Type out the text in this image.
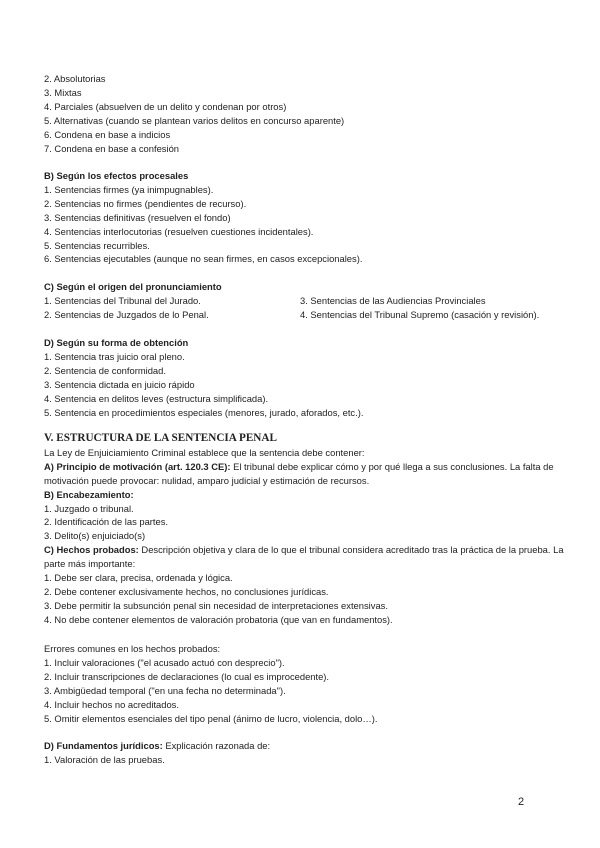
2. Absolutorias
3. Mixtas
4. Parciales (absuelven de un delito y condenan por otros)
5. Alternativas (cuando se plantean varios delitos en concurso aparente)
6. Condena en base a indicios
7. Condena en base a confesión
B) Según los efectos procesales
1. Sentencias firmes (ya inimpugnables).
2. Sentencias no firmes (pendientes de recurso).
3. Sentencias definitivas (resuelven el fondo)
4. Sentencias interlocutorias (resuelven cuestiones incidentales).
5. Sentencias recurribles.
6. Sentencias ejecutables (aunque no sean firmes, en casos excepcionales).
C) Según el origen del pronunciamiento
1. Sentencias del Tribunal del Jurado.	3. Sentencias de las Audiencias Provinciales
2. Sentencias de Juzgados de lo Penal.	4. Sentencias del Tribunal Supremo (casación y revisión).
D) Según su forma de obtención
1. Sentencia tras juicio oral pleno.
2. Sentencia de conformidad.
3. Sentencia dictada en juicio rápido
4. Sentencia en delitos leves (estructura simplificada).
5. Sentencia en procedimientos especiales (menores, jurado, aforados, etc.).
V. ESTRUCTURA DE LA SENTENCIA PENAL
La Ley de Enjuiciamiento Criminal establece que la sentencia debe contener:
A) Principio de motivación (art. 120.3 CE): El tribunal debe explicar cómo y por qué llega a sus conclusiones. La falta de motivación puede provocar: nulidad, amparo judicial y estimación de recursos.
B) Encabezamiento:
1. Juzgado o tribunal.
2. Identificación de las partes.
3. Delito(s) enjuiciado(s)
C) Hechos probados: Descripción objetiva y clara de lo que el tribunal considera acreditado tras la práctica de la prueba. La parte más importante:
1. Debe ser clara, precisa, ordenada y lógica.
2. Debe contener exclusivamente hechos, no conclusiones jurídicas.
3. Debe permitir la subsunción penal sin necesidad de interpretaciones extensivas.
4. No debe contener elementos de valoración probatoria (que van en fundamentos).
Errores comunes en los hechos probados:
1. Incluir valoraciones ("el acusado actuó con desprecio").
2. Incluir transcripciones de declaraciones (lo cual es improcedente).
3. Ambigüedad temporal ("en una fecha no determinada").
4. Incluir hechos no acreditados.
5. Omitir elementos esenciales del tipo penal (ánimo de lucro, violencia, dolo…).
D) Fundamentos jurídicos: Explicación razonada de:
1. Valoración de las pruebas.
2
